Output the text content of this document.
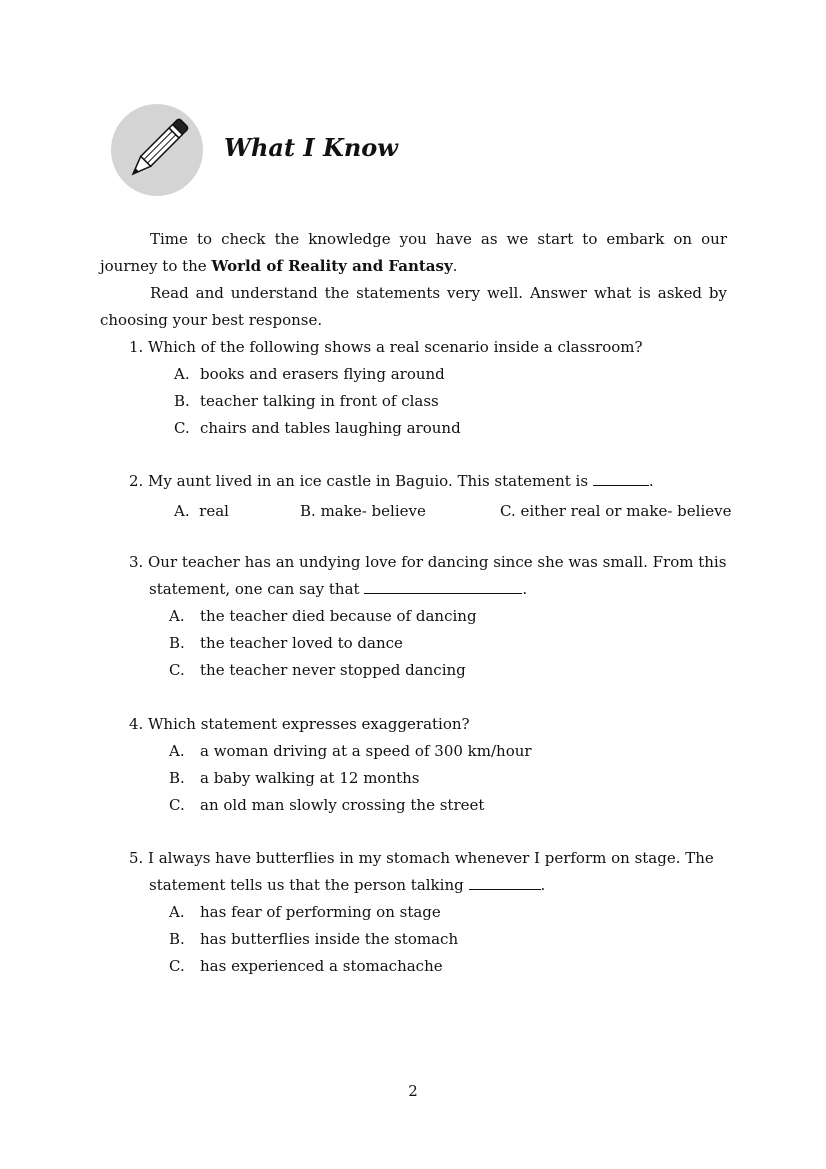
What I Know
Time to check the knowledge you have as we start to embark on our journey to the World of Reality and Fantasy.
Read and understand the statements very well. Answer what is asked by choosing your best response.
1. Which of the following shows a real scenario inside a classroom?
A. books and erasers flying around
B. teacher talking in front of class
C. chairs and tables laughing around
2. My aunt lived in an ice castle in Baguio. This statement is	.
A. real	B. make- believe	C. either real or make- believe
3. Our teacher has an undying love for dancing since she was small. From this
statement, one can say that	.
A. the teacher died because of dancing
B. the teacher loved to dance
C. the teacher never stopped dancing
4. Which statement expresses exaggeration?
A. a woman driving at a speed of 300 km/hour
B. a baby walking at 12 months
C. an old man slowly crossing the street
5. I always have butterflies in my stomach whenever I perform on stage. The
statement tells us that the person talking	.
A. has fear of performing on stage
B. has butterflies inside the stomach
C. has experienced a stomachache
2
